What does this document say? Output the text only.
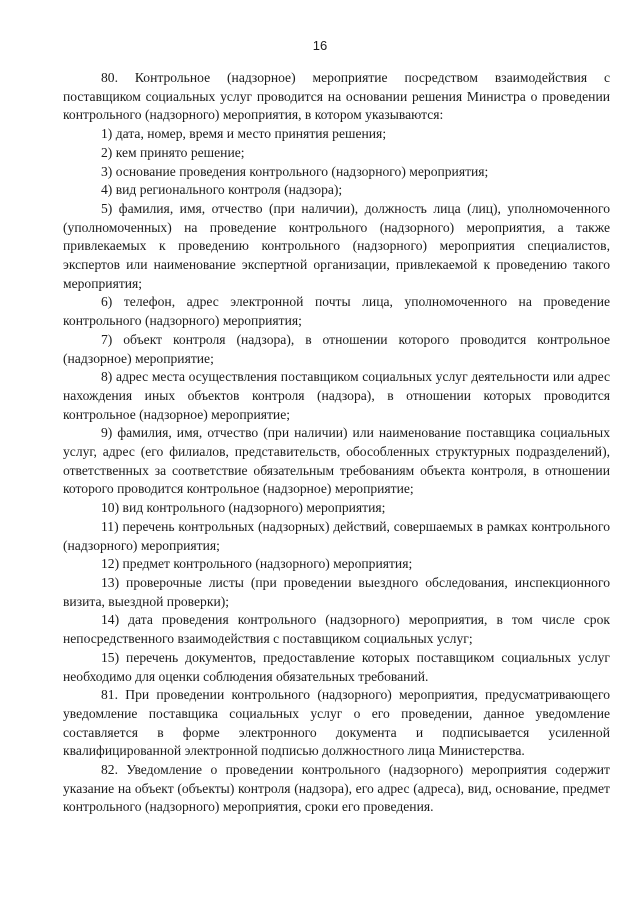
16

80. Контрольное (надзорное) мероприятие посредством взаимодействия с поставщиком социальных услуг проводится на основании решения Министра о проведении контрольного (надзорного) мероприятия, в котором указываются:

1) дата, номер, время и место принятия решения;

2) кем принято решение;

3) основание проведения контрольного (надзорного) мероприятия;

4) вид регионального контроля (надзора);

5) фамилия, имя, отчество (при наличии), должность лица (лиц), уполномоченного (уполномоченных) на проведение контрольного (надзорного) мероприятия, а также привлекаемых к проведению контрольного (надзорного) мероприятия специалистов, экспертов или наименование экспертной организации, привлекаемой к проведению такого мероприятия;

6) телефон, адрес электронной почты лица, уполномоченного на проведение контрольного (надзорного) мероприятия;

7) объект контроля (надзора), в отношении которого проводится контрольное (надзорное) мероприятие;

8) адрес места осуществления поставщиком социальных услуг деятельности или адрес нахождения иных объектов контроля (надзора), в отношении которых проводится контрольное (надзорное) мероприятие;

9) фамилия, имя, отчество (при наличии) или наименование поставщика социальных услуг, адрес (его филиалов, представительств, обособленных структурных подразделений), ответственных за соответствие обязательным требованиям объекта контроля, в отношении которого проводится контрольное (надзорное) мероприятие;

10) вид контрольного (надзорного) мероприятия;

11) перечень контрольных (надзорных) действий, совершаемых в рамках контрольного (надзорного) мероприятия;

12) предмет контрольного (надзорного) мероприятия;

13) проверочные листы (при проведении выездного обследования, инспекционного визита, выездной проверки);

14) дата проведения контрольного (надзорного) мероприятия, в том числе срок непосредственного взаимодействия с поставщиком социальных услуг;

15) перечень документов, предоставление которых поставщиком социальных услуг необходимо для оценки соблюдения обязательных требований.

81. При проведении контрольного (надзорного) мероприятия, предусматривающего уведомление поставщика социальных услуг о его проведении, данное уведомление составляется в форме электронного документа и подписывается усиленной квалифицированной электронной подписью должностного лица Министерства.

82. Уведомление о проведении контрольного (надзорного) мероприятия содержит указание на объект (объекты) контроля (надзора), его адрес (адреса), вид, основание, предмет контрольного (надзорного) мероприятия, сроки его проведения.
